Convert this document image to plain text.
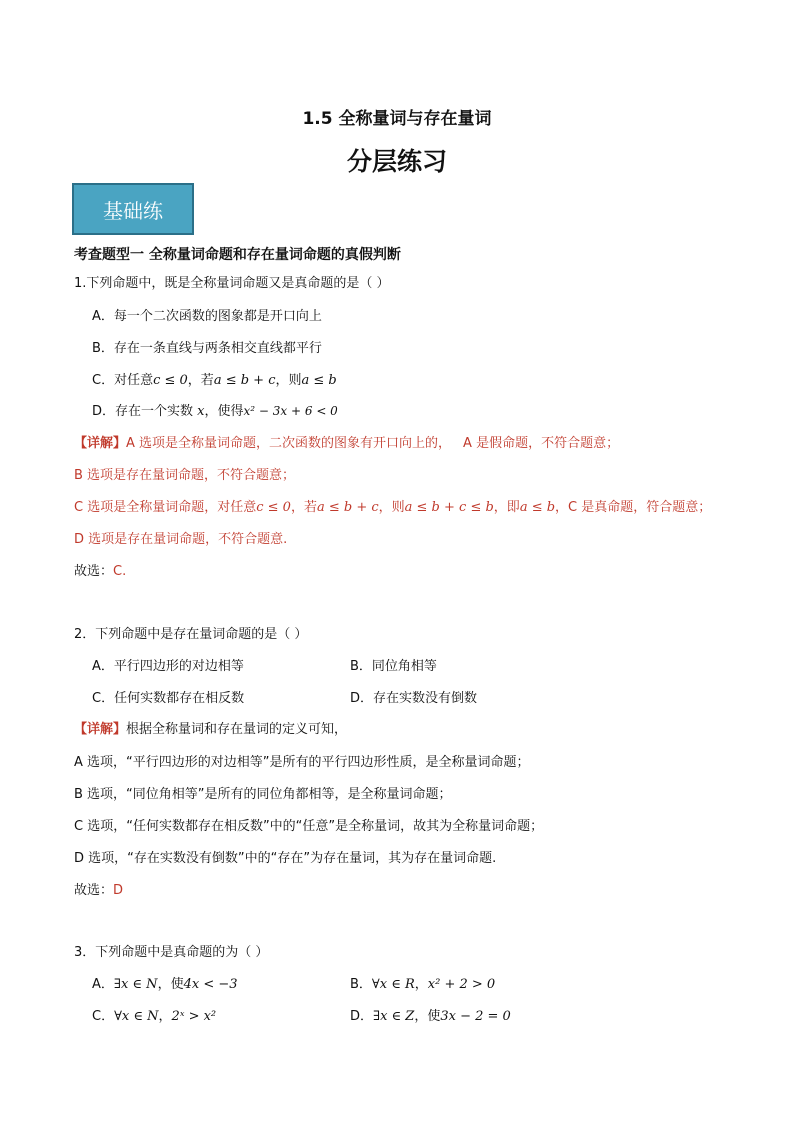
1.5 全称量词与存在量词
分层练习
基础练
考查题型一 全称量词命题和存在量词命题的真假判断
1.下列命题中，既是全称量词命题又是真命题的是（ ）
A．每一个二次函数的图象都是开口向上
B．存在一条直线与两条相交直线都平行
C．对任意c ≤ 0，若a ≤ b + c，则a ≤ b
D．存在一个实数 x，使得x² − 3x + 6 < 0
【详解】A 选项是全称量词命题，二次函数的图象有开口向上的， A 是假命题，不符合题意；
B 选项是存在量词命题，不符合题意；
C 选项是全称量词命题，对任意c ≤ 0，若a ≤ b + c，则a ≤ b + c ≤ b，即a ≤ b，C 是真命题，符合题意；
D 选项是存在量词命题，不符合题意.
故选：C.
2．下列命题中是存在量词命题的是（ ）
A．平行四边形的对边相等	B．同位角相等
C．任何实数都存在相反数	D．存在实数没有倒数
【详解】根据全称量词和存在量词的定义可知，
A 选项，“平行四边形的对边相等”是所有的平行四边形性质，是全称量词命题；
B 选项，“同位角相等”是所有的同位角都相等，是全称量词命题；
C 选项，“任何实数都存在相反数”中的“任意”是全称量词，故其为全称量词命题；
D 选项，“存在实数没有倒数”中的“存在”为存在量词，其为存在量词命题.
故选：D
3．下列命题中是真命题的为（ ）
A．∃x ∈ N，使4x < −3	B．∀x ∈ R，x² + 2 > 0
C．∀x ∈ N，2ˣ > x²	D．∃x ∈ Z，使3x − 2 = 0
